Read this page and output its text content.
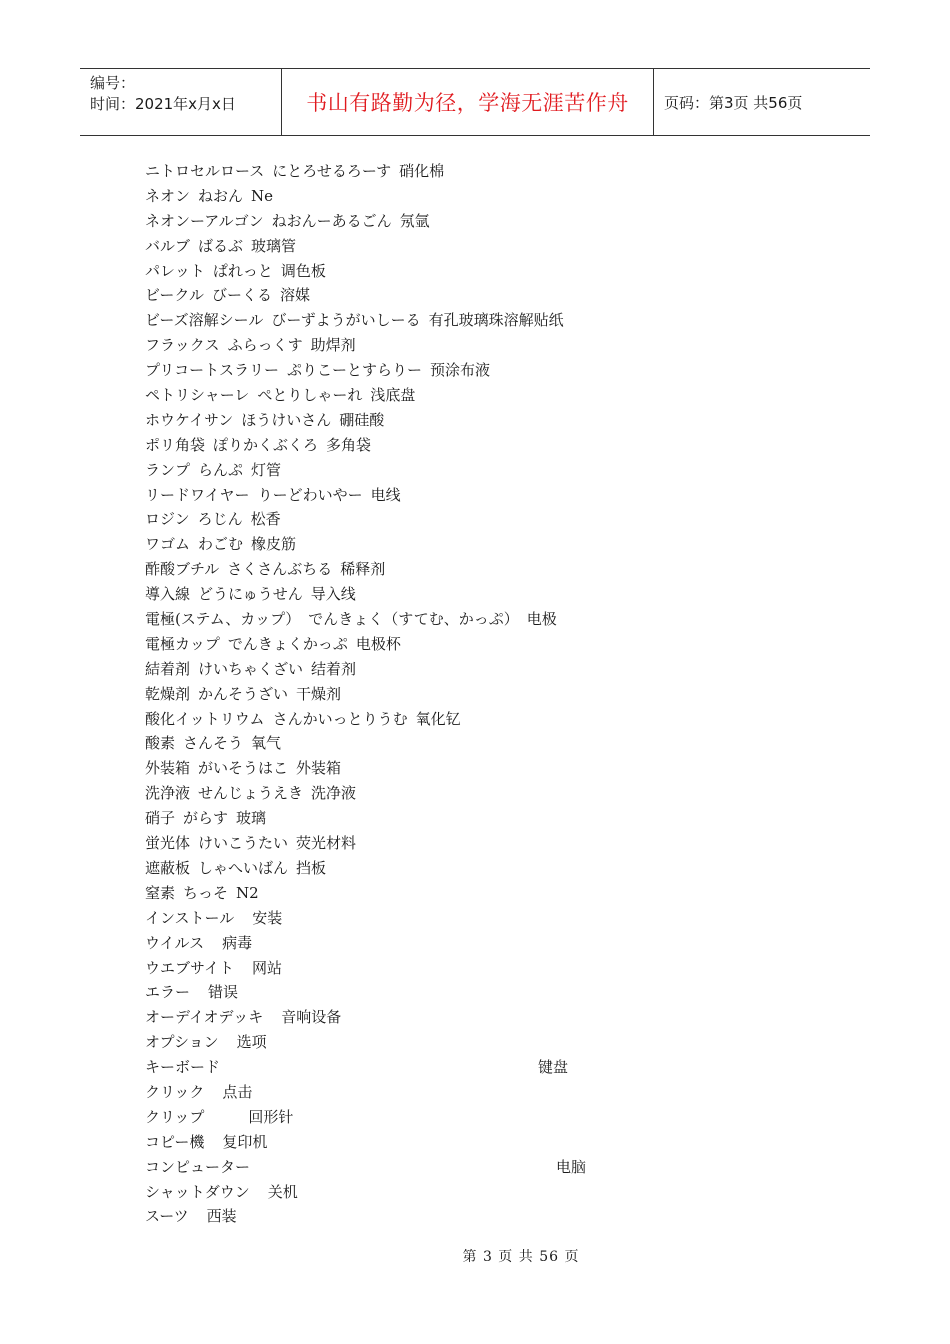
编号：
时间：2021年x月x日	书山有路勤为径，学海无涯苦作舟 页码：第3页 共56页
ニトロセルロース にとろせるろーす 硝化棉
ネオン ねおん Ne
ネオンーアルゴン ねおんーあるごん 氖氩
バルブ ばるぶ 玻璃管
パレット ぱれっと 调色板
ビークル びーくる 溶媒
ビーズ溶解シール びーずようがいしーる 有孔玻璃珠溶解贴纸
フラックス ふらっくす 助焊剂
プリコートスラリー ぷりこーとすらりー 预涂布液
ペトリシャーレ ぺとりしゃーれ 浅底盘
ホウケイサン ほうけいさん 硼硅酸
ポリ角袋 ぽりかくぶくろ 多角袋
ランプ らんぷ 灯管
リードワイヤー りーどわいやー 电线
ロジン ろじん 松香
ワゴム わごむ 橡皮筋
酢酸ブチル さくさんぶちる 稀释剂
導入線 どうにゅうせん 导入线
電極(ステム、カップ） でんきょく（すてむ、かっぷ） 电极
電極カップ でんきょくかっぷ 电极杯
結着剤 けいちゃくざい 结着剂
乾燥剤 かんそうざい 干燥剂
酸化イットリウム さんかいっとりうむ 氧化钇
酸素 さんそう 氧气
外装箱 がいそうはこ 外装箱
洗浄液 せんじょうえき 洗净液
硝子 がらす 玻璃
蛍光体 けいこうたい 荧光材料
遮蔽板 しゃへいばん 挡板
窒素 ちっそ N2
インストール 安装
ウイルス 病毒
ウエブサイト 网站
エラー 错误
オーデイオデッキ 音响设备
オプション 选项
キーボード	键盘
クリック 点击
クリップ	回形针
コピー機 复印机
コンピューター	电脑
シャットダウン 关机
スーツ 西装
第 3 页 共 56 页
